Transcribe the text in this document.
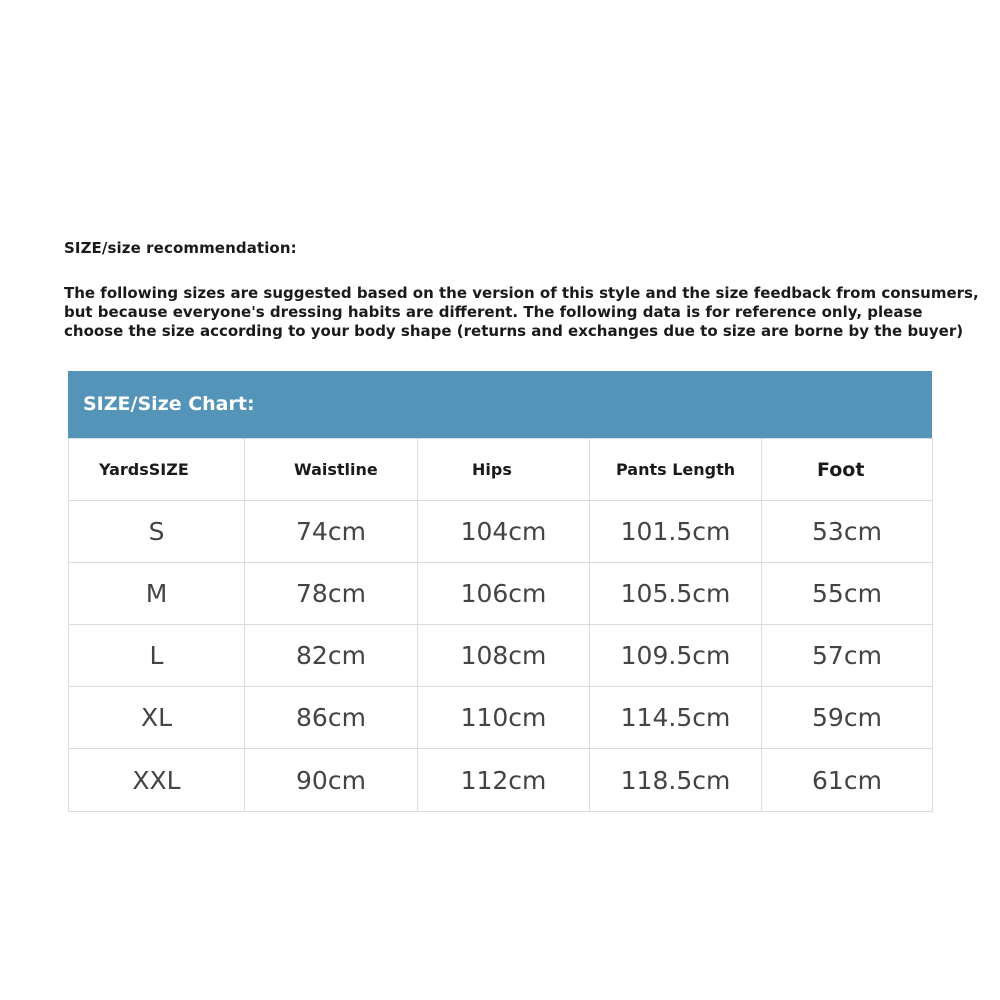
SIZE/size recommendation:
The following sizes are suggested based on the version of this style and the size feedback from consumers,
but because everyone's dressing habits are different. The following data is for reference only, please
choose the size according to your body shape (returns and exchanges due to size are borne by the buyer)
SIZE/Size Chart:
YardsSIZE	Waistline	Hips	Pants Length	Foot
S	74cm	104cm	101.5cm	53cm
M	78cm	106cm	105.5cm	55cm
L	82cm	108cm	109.5cm	57cm
XL	86cm	110cm	114.5cm	59cm
XXL	90cm	112cm	118.5cm	61cm
